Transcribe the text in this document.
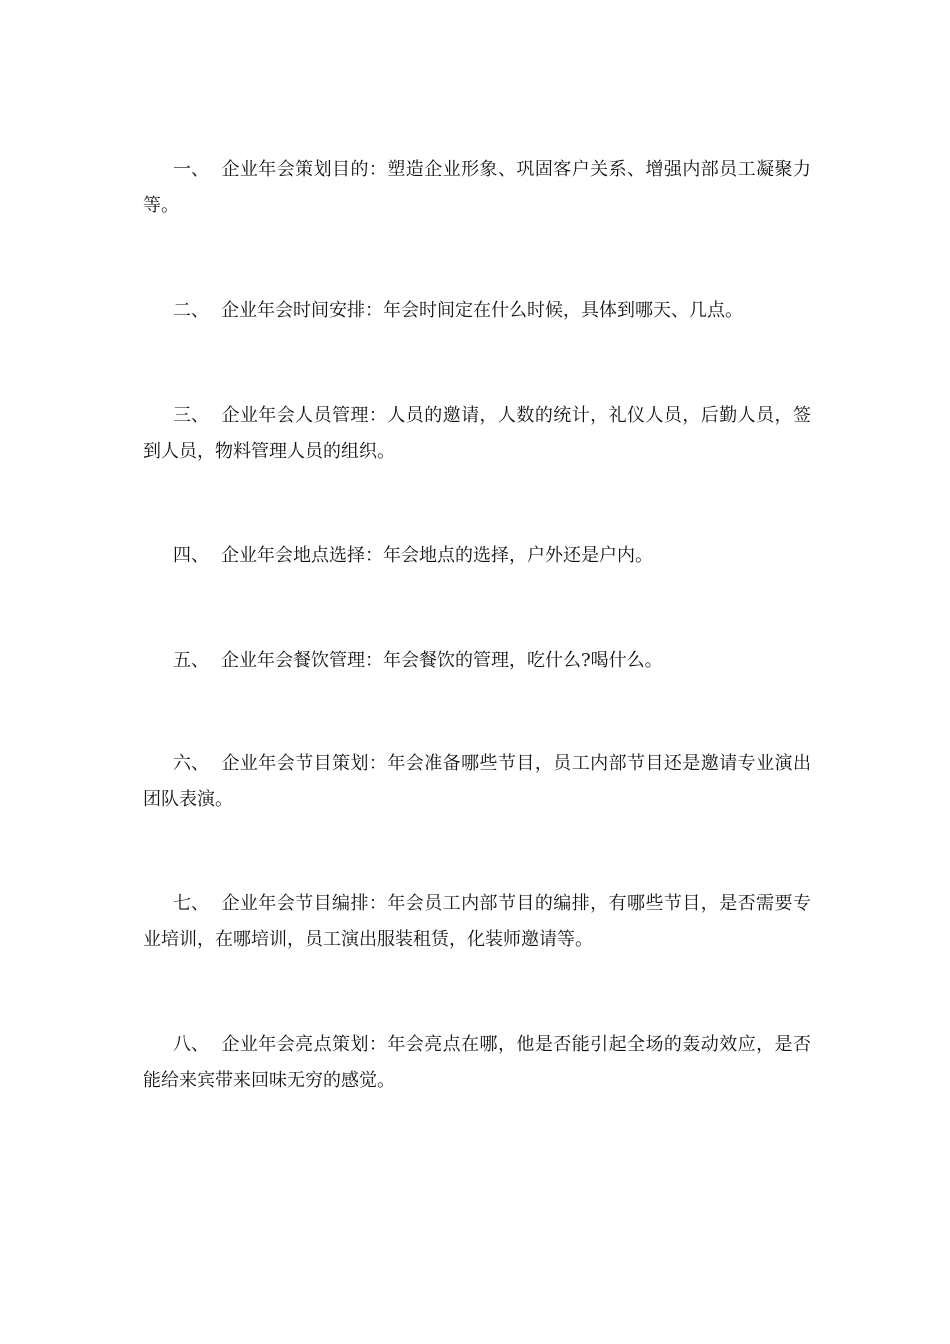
一、 企业年会策划目的：塑造企业形象、巩固客户关系、增强内部员工凝聚力等。

二、 企业年会时间安排：年会时间定在什么时候，具体到哪天、几点。

三、 企业年会人员管理：人员的邀请，人数的统计，礼仪人员，后勤人员，签到人员，物料管理人员的组织。

四、 企业年会地点选择：年会地点的选择，户外还是户内。

五、 企业年会餐饮管理：年会餐饮的管理，吃什么?喝什么。

六、 企业年会节目策划：年会准备哪些节目，员工内部节目还是邀请专业演出团队表演。

七、 企业年会节目编排：年会员工内部节目的编排，有哪些节目，是否需要专业培训，在哪培训，员工演出服装租赁，化装师邀请等。

八、 企业年会亮点策划：年会亮点在哪，他是否能引起全场的轰动效应，是否能给来宾带来回味无穷的感觉。
